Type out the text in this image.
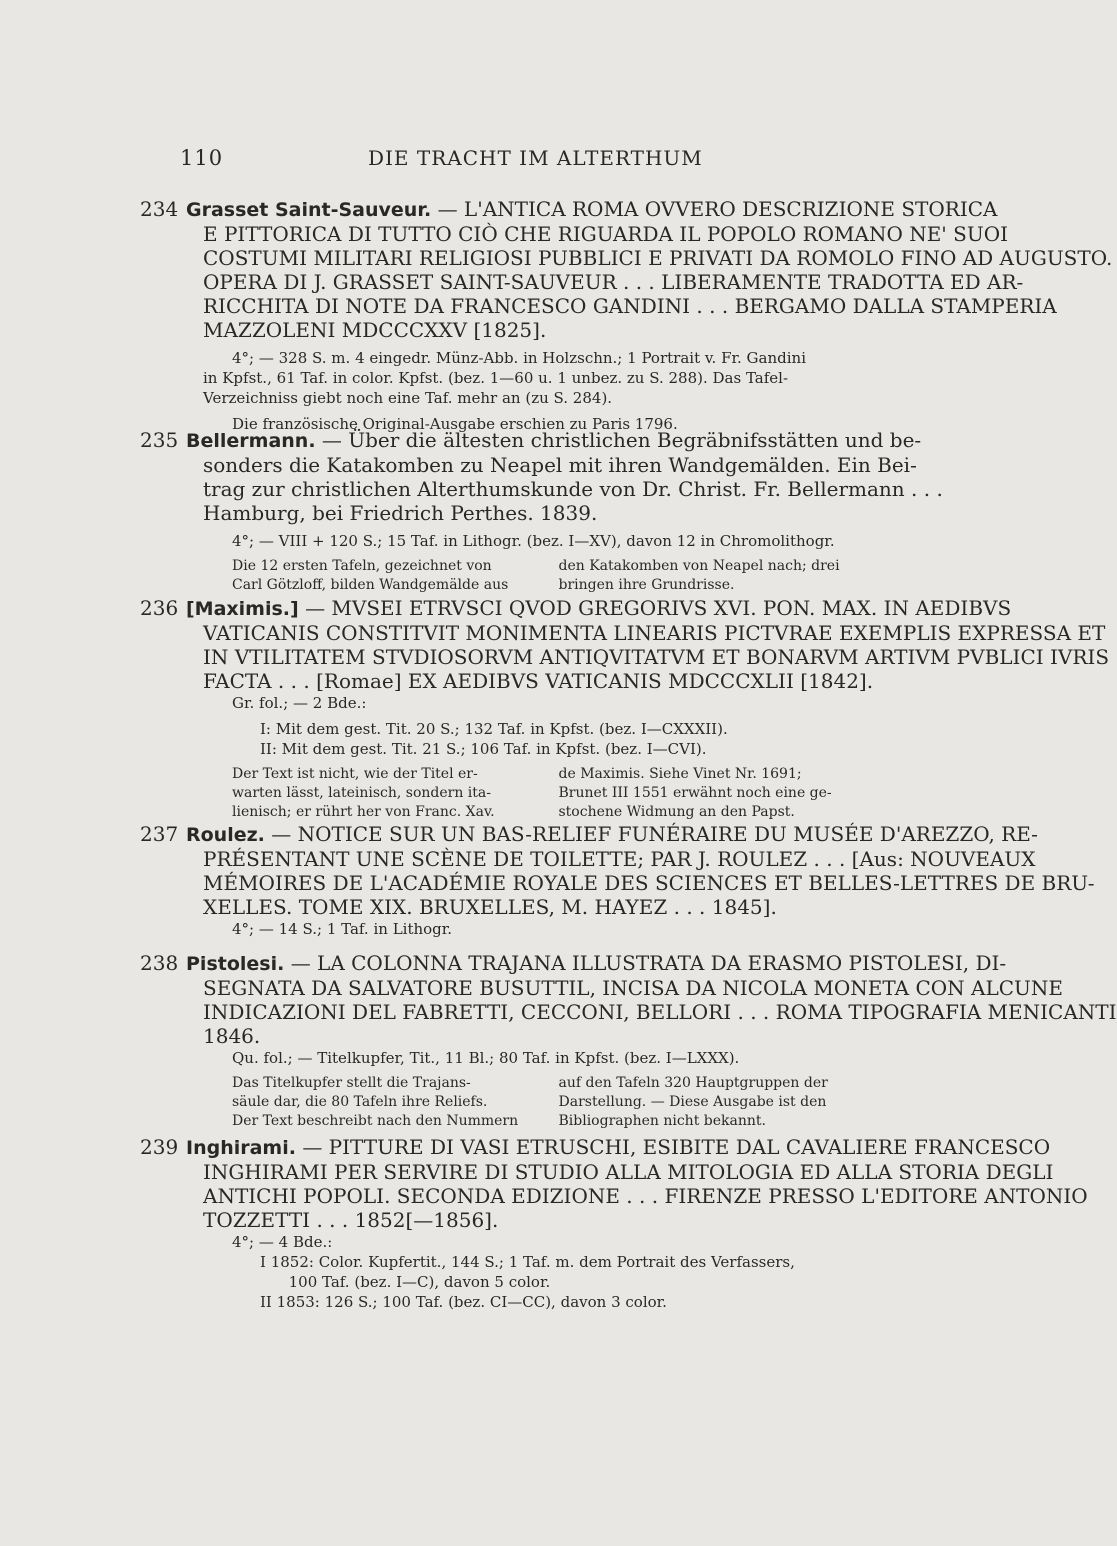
110	DIE TRACHT IM ALTERTHUM
234 Grasset Saint-Sauveur. — L'ANTICA ROMA OVVERO DESCRIZIONE STORICA
E PITTORICA DI TUTTO CIÒ CHE RIGUARDA IL POPOLO ROMANO NE' SUOI
COSTUMI MILITARI RELIGIOSI PUBBLICI E PRIVATI DA ROMOLO FINO AD AUGUSTO.
OPERA DI J. GRASSET SAINT-SAUVEUR . . . LIBERAMENTE TRADOTTA ED AR-
RICCHITA DI NOTE DA FRANCESCO GANDINI . . . BERGAMO DALLA STAMPERIA
MAZZOLENI MDCCCXXV [1825].
4°; — 328 S. m. 4 eingedr. Münz-Abb. in Holzschn.; 1 Portrait v. Fr. Gandini
in Kpfst., 61 Taf. in color. Kpfst. (bez. 1—60 u. 1 unbez. zu S. 288). Das Tafel-
Verzeichniss giebt noch eine Taf. mehr an (zu S. 284).
Die französische Original-Ausgabe erschien zu Paris 1796.
235 Bellermann. — Über die ältesten christlichen Begräbnifsstätten und be-
sonders die Katakomben zu Neapel mit ihren Wandgemälden. Ein Bei-
trag zur christlichen Alterthumskunde von Dr. Christ. Fr. Bellermann . . .
Hamburg, bei Friedrich Perthes. 1839.
4°; — VIII + 120 S.; 15 Taf. in Lithogr. (bez. I—XV), davon 12 in Chromolithogr.
Die 12 ersten Tafeln, gezeichnet von
Carl Götzloff, bilden Wandgemälde aus
den Katakomben von Neapel nach; drei
bringen ihre Grundrisse.
236 [Maximis.] — MVSEI ETRVSCI QVOD GREGORIVS XVI. PON. MAX. IN AEDIBVS
VATICANIS CONSTITVIT MONIMENTA LINEARIS PICTVRAE EXEMPLIS EXPRESSA ET
IN VTILITATEM STVDIOSORVM ANTIQVITATVM ET BONARVM ARTIVM PVBLICI IVRIS
FACTA . . . [Romae] EX AEDIBVS VATICANIS MDCCCXLII [1842].
Gr. fol.; — 2 Bde.:
I: Mit dem gest. Tit. 20 S.; 132 Taf. in Kpfst. (bez. I—CXXXII).
II: Mit dem gest. Tit. 21 S.; 106 Taf. in Kpfst. (bez. I—CVI).
Der Text ist nicht, wie der Titel er-
warten lässt, lateinisch, sondern ita-
lienisch; er rührt her von Franc. Xav.
de Maximis. Siehe Vinet Nr. 1691;
Brunet III 1551 erwähnt noch eine ge-
stochene Widmung an den Papst.
237 Roulez. — NOTICE SUR UN BAS-RELIEF FUNÉRAIRE DU MUSÉE D'AREZZO, RE-
PRÉSENTANT UNE SCÈNE DE TOILETTE; PAR J. ROULEZ . . . [Aus: NOUVEAUX
MÉMOIRES DE L'ACADÉMIE ROYALE DES SCIENCES ET BELLES-LETTRES DE BRU-
XELLES. TOME XIX. BRUXELLES, M. HAYEZ . . . 1845].
4°; — 14 S.; 1 Taf. in Lithogr.
238 Pistolesi. — LA COLONNA TRAJANA ILLUSTRATA DA ERASMO PISTOLESI, DI-
SEGNATA DA SALVATORE BUSUTTIL, INCISA DA NICOLA MONETA CON ALCUNE
INDICAZIONI DEL FABRETTI, CECCONI, BELLORI . . . ROMA TIPOGRAFIA MENICANTI
1846.
Qu. fol.; — Titelkupfer, Tit., 11 Bl.; 80 Taf. in Kpfst. (bez. I—LXXX).
Das Titelkupfer stellt die Trajans-
säule dar, die 80 Tafeln ihre Reliefs.
Der Text beschreibt nach den Nummern
auf den Tafeln 320 Hauptgruppen der
Darstellung. — Diese Ausgabe ist den
Bibliographen nicht bekannt.
239 Inghirami. — PITTURE DI VASI ETRUSCHI, ESIBITE DAL CAVALIERE FRANCESCO
INGHIRAMI PER SERVIRE DI STUDIO ALLA MITOLOGIA ED ALLA STORIA DEGLI
ANTICHI POPOLI. SECONDA EDIZIONE . . . FIRENZE PRESSO L'EDITORE ANTONIO
TOZZETTI . . . 1852[—1856].
4°; — 4 Bde.:
I 1852: Color. Kupfertit., 144 S.; 1 Taf. m. dem Portrait des Verfassers,
100 Taf. (bez. I—C), davon 5 color.
II 1853: 126 S.; 100 Taf. (bez. CI—CC), davon 3 color.
